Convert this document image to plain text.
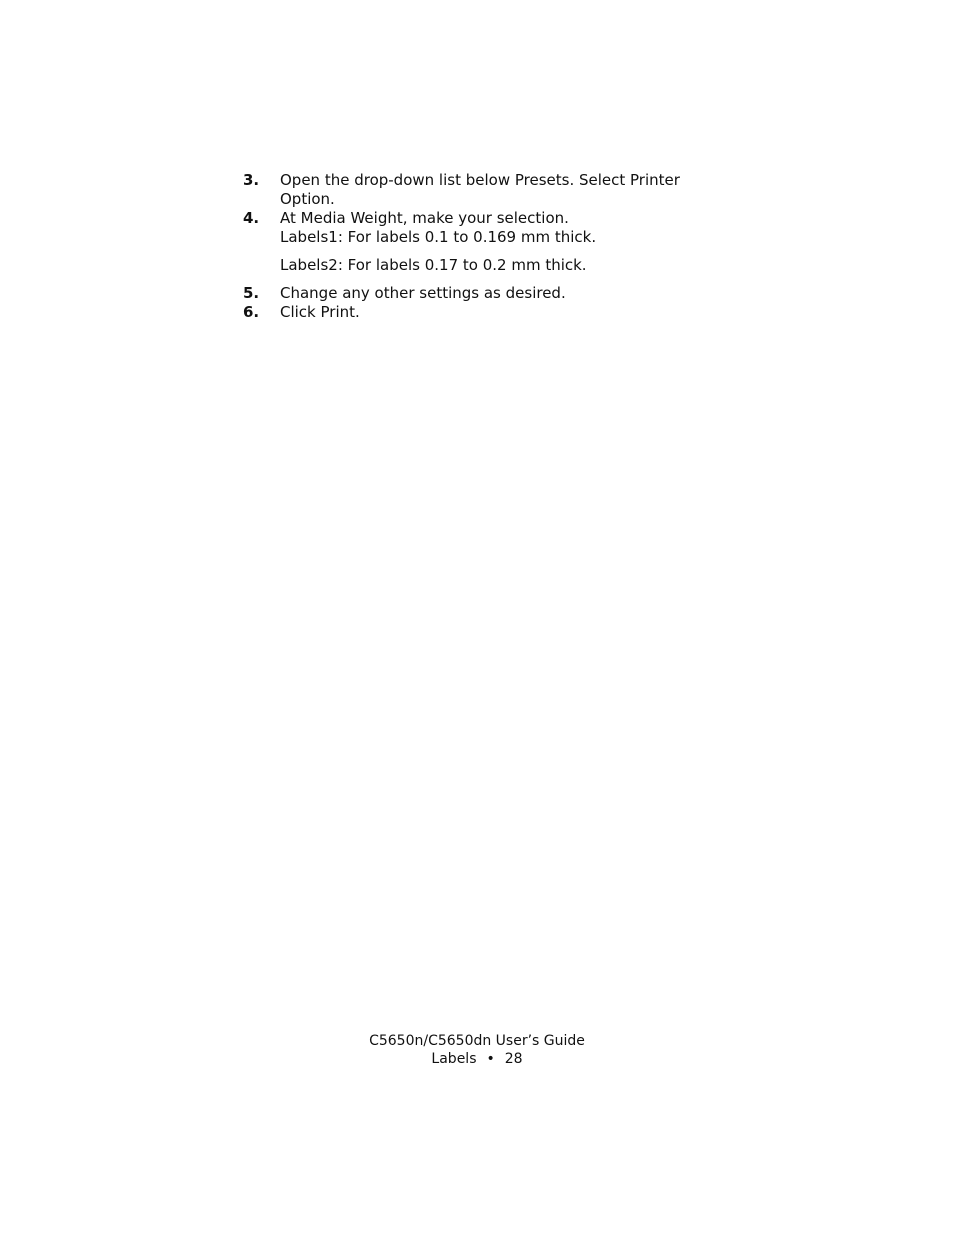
3. Open the drop-down list below Presets. Select Printer
Option.
4. At Media Weight, make your selection.
Labels1: For labels 0.1 to 0.169 mm thick.
Labels2: For labels 0.17 to 0.2 mm thick.
5. Change any other settings as desired.
6. Click Print.
C5650n/C5650dn User’s Guide
Labels • 28
